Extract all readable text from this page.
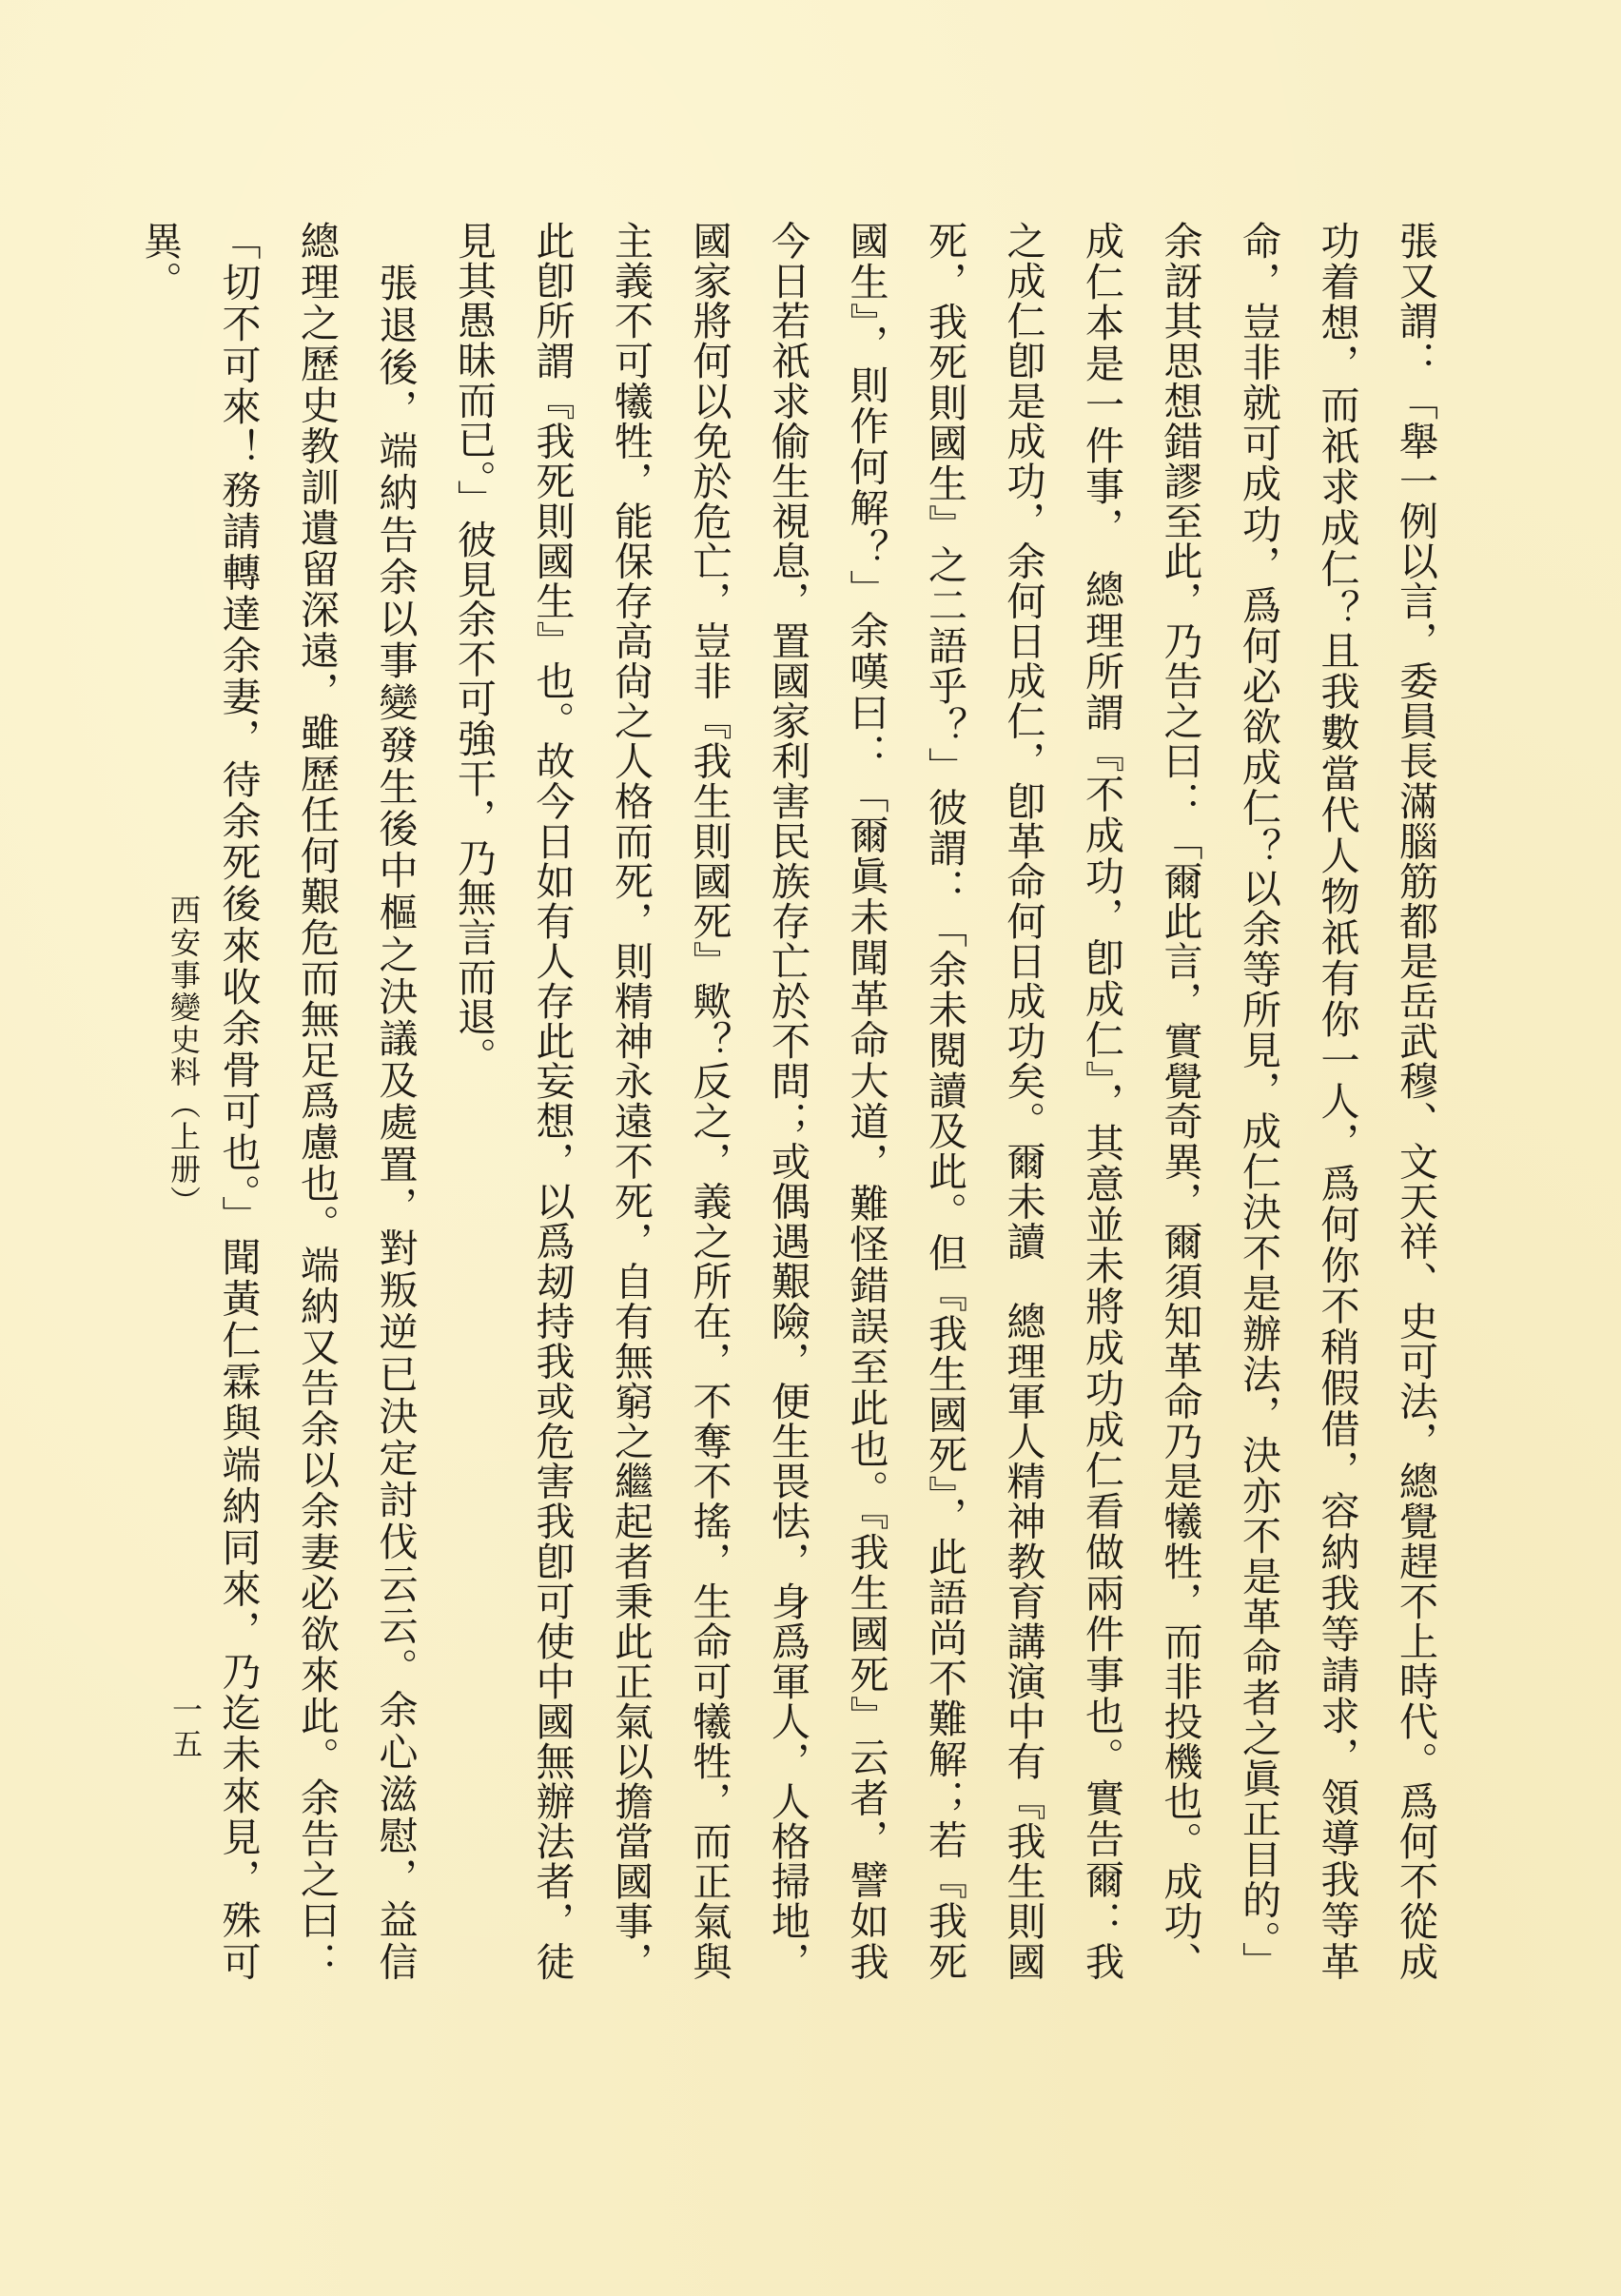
張又謂：「舉一例以言，委員長滿腦筋都是岳武穆、文天祥、史可法，總覺趕不上時代。爲何不從成
功着想，而祇求成仁？且我數當代人物祇有你一人，爲何你不稍假借，容納我等請求，領導我等革
命，豈非就可成功，爲何必欲成仁？以余等所見，成仁決不是辦法，決亦不是革命者之眞正目的。」
余訝其思想錯謬至此，乃告之曰：「爾此言，實覺奇異，爾須知革命乃是犧牲，而非投機也。成功、
成仁本是一件事，　總理所謂『不成功，卽成仁』，其意並未將成功成仁看做兩件事也。實告爾：我
之成仁卽是成功，余何日成仁，卽革命何日成功矣。爾未讀　總理軍人精神教育講演中有『我生則國
死，我死則國生』之二語乎？」彼謂：「余未閱讀及此。但『我生國死』，此語尚不難解；若『我死
國生』，則作何解？」余嘆曰：「爾眞未聞革命大道，難怪錯誤至此也。『我生國死』云者，譬如我
今日若祇求偷生視息，置國家利害民族存亡於不問；或偶遇艱險，便生畏怯，身爲軍人，人格掃地，
國家將何以免於危亡，豈非『我生則國死』歟？反之，義之所在，不奪不搖，生命可犧牲，而正氣與
主義不可犧牲，能保存高尙之人格而死，則精神永遠不死，自有無窮之繼起者秉此正氣以擔當國事，
此卽所謂『我死則國生』也。故今日如有人存此妄想，以爲刼持我或危害我卽可使中國無辦法者，徒
見其愚昧而已。」彼見余不可強干，乃無言而退。
　張退後，端納告余以事變發生後中樞之決議及處置，對叛逆已決定討伐云云。余心滋慰，益信
總理之歷史教訓遺留深遠，雖歷任何艱危而無足爲慮也。端納又告余以余妻必欲來此。余告之曰：
「切不可來！務請轉達余妻，待余死後來收余骨可也。」聞黃仁霖與端納同來，乃迄未來見，殊可
異。
西安事變史料（上册）
一五
